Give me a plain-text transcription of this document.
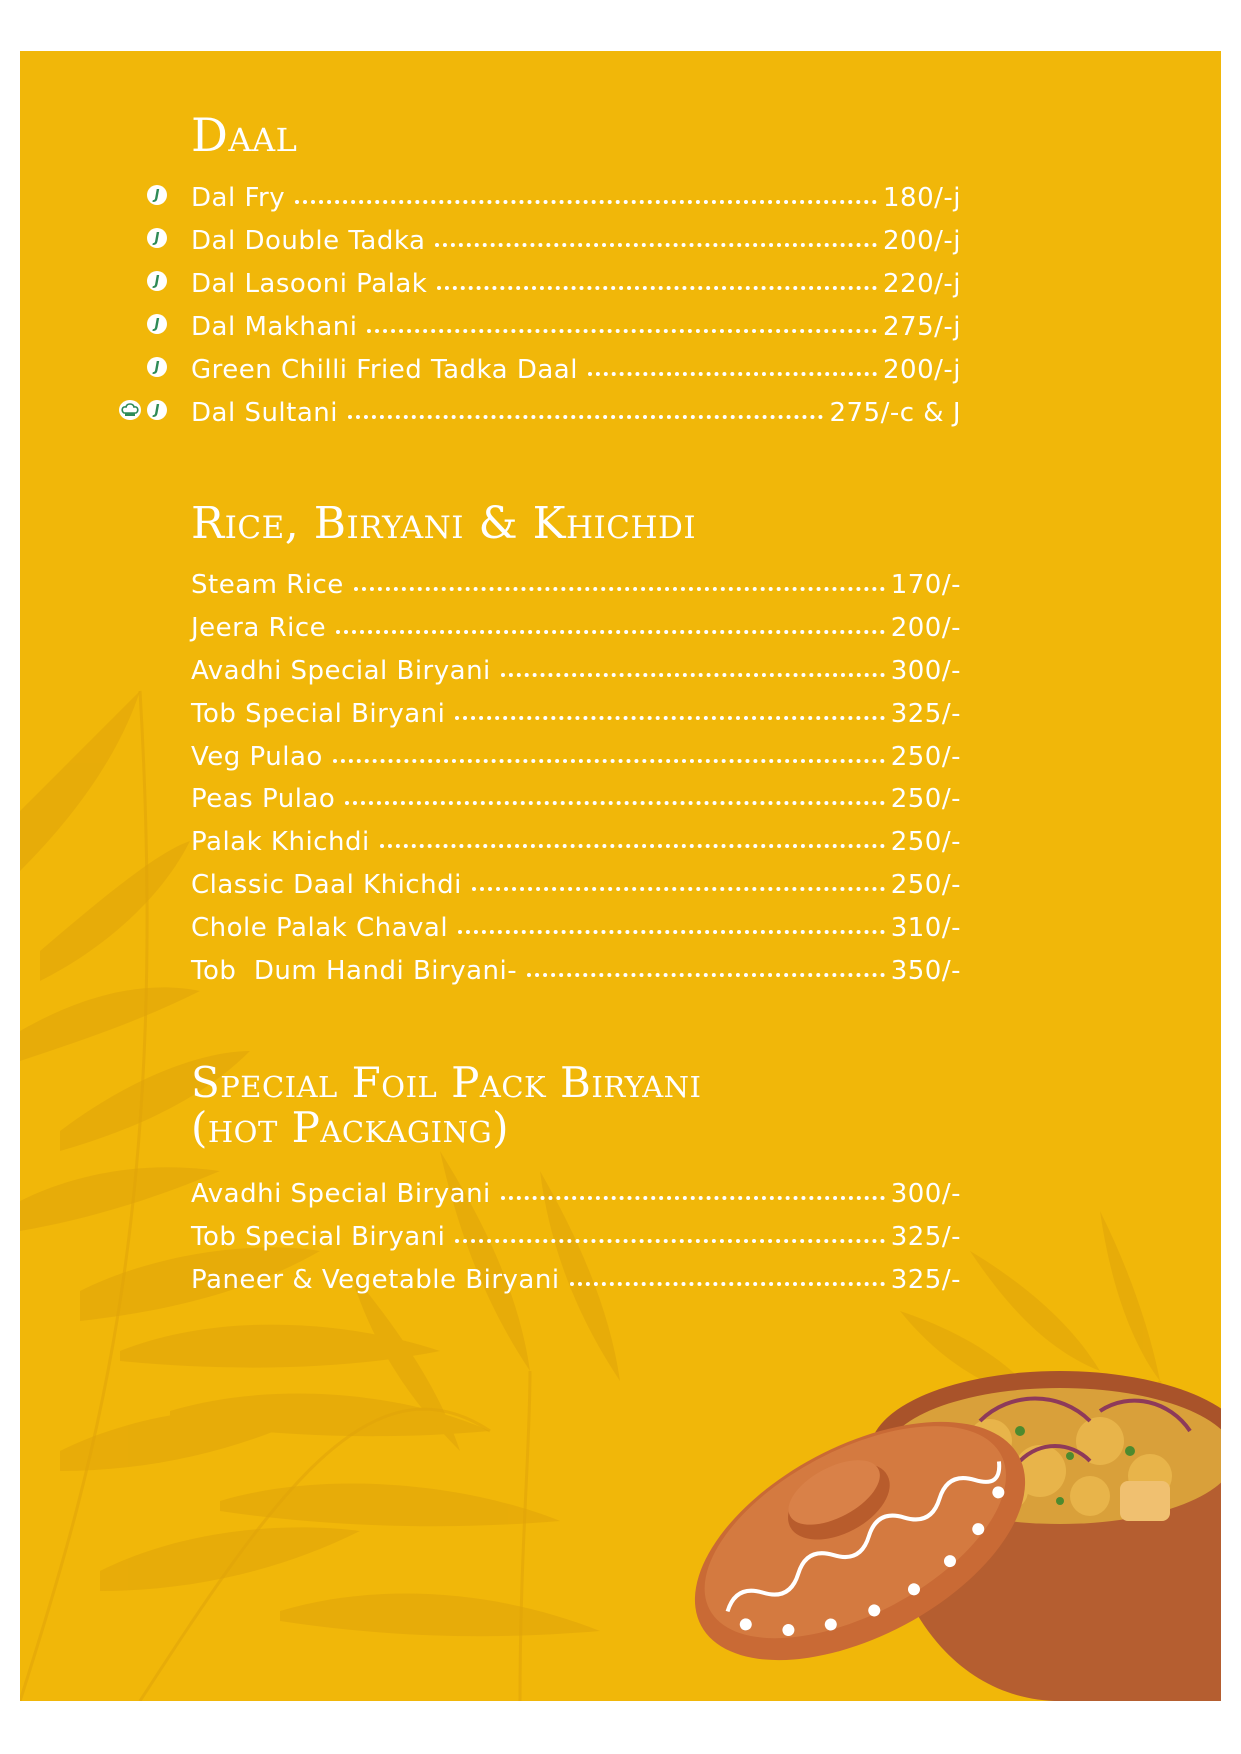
Daal
J
J
J
J
J
J
Dal Fry	180/-j
Dal Double Tadka	200/-j
Dal Lasooni Palak	220/-j
Dal Makhani	275/-j
Green Chilli Fried Tadka Daal	200/-j
Dal Sultani	275/-c & J
Rice, Biryani & Khichdi
Steam Rice	170/-
Jeera Rice	200/-
Avadhi Special Biryani	300/-
Tob Special Biryani	325/-
Veg Pulao	250/-
Peas Pulao	250/-
Palak Khichdi	250/-
Classic Daal Khichdi	250/-
Chole Palak Chaval	310/-
Tob  Dum Handi Biryani-	350/-
Special Foil Pack Biryani
(hot Packaging)
Avadhi Special Biryani	300/-
Tob Special Biryani	325/-
Paneer & Vegetable Biryani	325/-
